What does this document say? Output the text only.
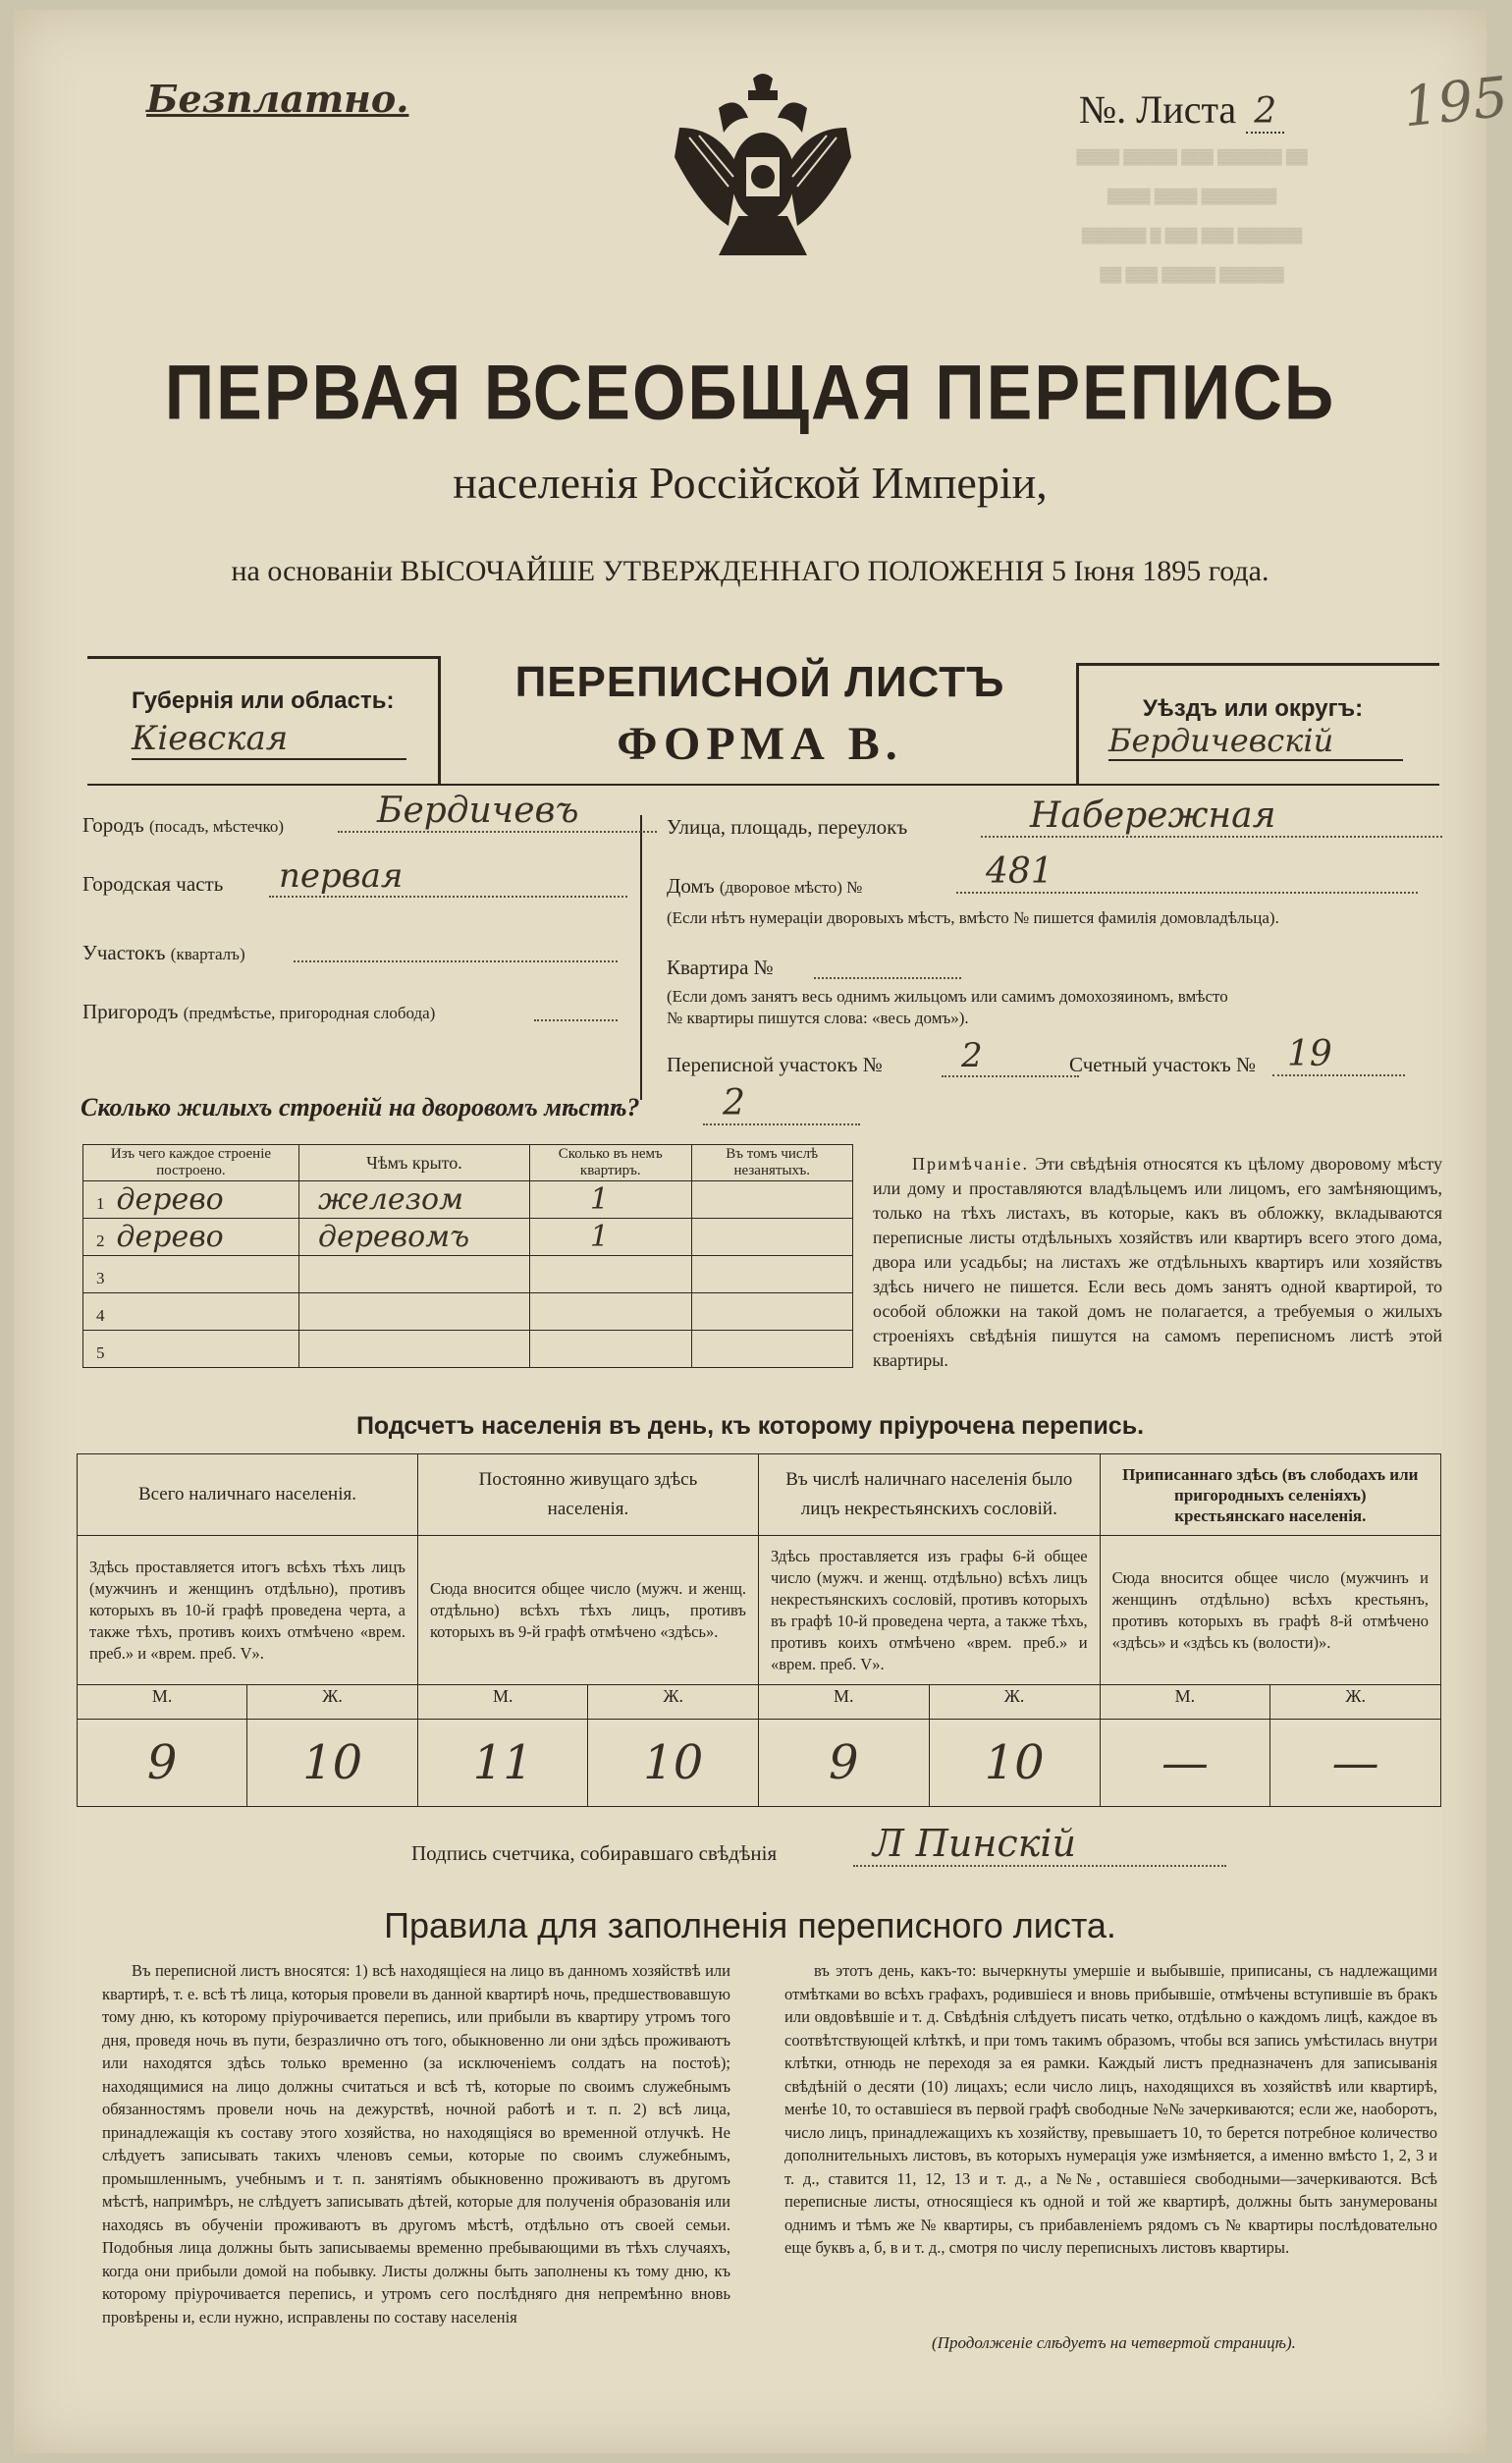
▓▓▓▓ ▓▓▓▓▓ ▓▓▓ ▓▓▓▓▓▓ ▓▓
▓▓▓▓ ▓▓▓▓ ▓▓▓▓▓▓▓
▓▓▓▓▓▓ ▓ ▓▓▓ ▓▓▓ ▓▓▓▓▓▓
▓▓ ▓▓▓ ▓▓▓▓▓ ▓▓▓▓▓▓
Безплатно.	№. Листа 2 195
ПЕРВАЯ ВСЕОБЩАЯ ПЕРЕПИСЬ
населенія Россійской Имперіи,
на основаніи ВЫСОЧАЙШЕ УТВЕРЖДЕННАГО ПОЛОЖЕНІЯ 5 Іюня 1895 года.
Губернія или область:
Кіевская
ПЕРЕПИСНОЙ ЛИСТЪ
ФОРМА В.
Уѣздъ или округъ:
Бердичевскій
Городъ (посадъ, мѣстечко)	Бердичевъ
Городская часть первая
Участокъ (кварталъ)
Пригородъ (предмѣстье, пригородная слобода)
Улица, площадь, переулокъ	Набережная
Домъ (дворовое мѣсто) №	481
(Если нѣтъ нумераціи дворовыхъ мѣстъ, вмѣсто № пишется фамилія домовладѣльца).
Квартира №
(Если домъ занятъ весь однимъ жильцомъ или самимъ домохозяиномъ, вмѣсто
№ квартиры пишутся слова: «весь домъ»).
Переписной участокъ №	2	Счетный участокъ № 19
Сколько жилыхъ строеній на дворовомъ мѣстѣ?	2
Изъ чего каждое строеніе построено.	Чѣмъ крыто.	Сколько въ немъ квартиръ.	Въ томъ числѣ незанятыхъ.
1 дерево	железом	1	
2 дерево	деревомъ	1	
3			
4			
5			
Примѣчаніе. Эти свѣдѣнія относятся къ цѣлому дворовому мѣсту или дому и проставляются владѣльцемъ или лицомъ, его замѣняющимъ, только на тѣхъ листахъ, въ которые, какъ въ обложку, вкладываются переписные листы отдѣльныхъ хозяйствъ или квартиръ всего этого дома, двора или усадьбы; на листахъ же отдѣльныхъ квартиръ или хозяйствъ здѣсь ничего не пишется. Если весь домъ занятъ одной квартирой, то особой обложки на такой домъ не полагается, а требуемыя о жилыхъ строеніяхъ свѣдѣнія пишутся на самомъ переписномъ листѣ этой квартиры.
Подсчетъ населенія въ день, къ которому пріурочена перепись.
Всего наличнаго населенія.		Постоянно живущаго здѣсь населенія.		Въ числѣ наличнаго населенія было лицъ некрестьянскихъ сословій.		Приписаннаго здѣсь (въ слободахъ или пригородныхъ селеніяхъ) крестьянскаго населенія.	
Здѣсь проставляется итогъ всѣхъ тѣхъ лицъ (мужчинъ и женщинъ отдѣльно), противъ которыхъ въ 10-й графѣ проведена черта, а также тѣхъ, противъ коихъ отмѣчено «врем. преб.» и «врем. преб. V».		Сюда вносится общее число (мужч. и женщ. отдѣльно) всѣхъ тѣхъ лицъ, противъ которыхъ въ 9-й графѣ отмѣчено «здѣсь».		Здѣсь проставляется изъ графы 6-й общее число (мужч. и женщ. отдѣльно) всѣхъ лицъ некрестьянскихъ сословій, противъ которыхъ въ графѣ 10-й проведена черта, а также тѣхъ, противъ коихъ отмѣчено «врем. преб.» и «врем. преб. V».		Сюда вносится общее число (мужчинъ и женщинъ отдѣльно) всѣхъ крестьянъ, противъ которыхъ въ графѣ 8-й отмѣчено «здѣсь» и «здѣсь къ (волости)».	
М.	Ж.	М.	Ж.	М.	Ж.	М.	Ж.
9	10	11	10	9	10	—	—
Подпись счетчика, собиравшаго свѣдѣнія	Л Пинскій
Правила для заполненія переписного листа.
Въ переписной листъ вносятся: 1) всѣ находящіеся на лицо въ данномъ хозяйствѣ или квартирѣ, т. е. всѣ тѣ лица, которыя провели въ данной квартирѣ ночь, предшествовавшую тому дню, къ которому пріурочивается перепись, или прибыли въ квартиру утромъ того дня, проведя ночь въ пути, безразлично отъ того, обыкновенно ли они здѣсь проживаютъ или находятся здѣсь только временно (за исключеніемъ солдатъ на постоѣ); находящимися на лицо должны считаться и всѣ тѣ, которые по своимъ служебнымъ обязанностямъ провели ночь на дежурствѣ, ночной работѣ и т. п. 2) всѣ лица, принадлежащія къ составу этого хозяйства, но находящіяся во временной отлучкѣ. Не слѣдуетъ записывать такихъ членовъ семьи, которые по своимъ служебнымъ, промышленнымъ, учебнымъ и т. п. занятіямъ обыкновенно проживаютъ въ другомъ мѣстѣ, напримѣръ, не слѣдуетъ записывать дѣтей, которые для полученія образованія или находясь въ обученіи проживаютъ въ другомъ мѣстѣ, отдѣльно отъ своей семьи. Подобныя лица должны быть записываемы временно пребывающими въ тѣхъ случаяхъ, когда они прибыли домой на побывку. Листы должны быть заполнены къ тому дню, къ которому пріурочивается перепись, и утромъ сего послѣдняго дня непремѣнно вновь провѣрены и, если нужно, исправлены по составу населенія
въ этотъ день, какъ-то: вычеркнуты умершіе и выбывшіе, приписаны, съ надлежащими отмѣтками во всѣхъ графахъ, родившіеся и вновь прибывшіе, отмѣчены вступившіе въ бракъ или овдовѣвшіе и т. д. Свѣдѣнія слѣдуетъ писать четко, отдѣльно о каждомъ лицѣ, каждое въ соотвѣтствующей клѣткѣ, и при томъ такимъ образомъ, чтобы вся запись умѣстилась внутри клѣтки, отнюдь не переходя за ея рамки. Каждый листъ предназначенъ для записыванія свѣдѣній о десяти (10) лицахъ; если число лицъ, находящихся въ хозяйствѣ или квартирѣ, менѣе 10, то оставшіеся въ первой графѣ свободные №№ зачеркиваются; если же, наоборотъ, число лицъ, принадлежащихъ къ хозяйству, превышаетъ 10, то берется потребное количество дополнительныхъ листовъ, въ которыхъ нумерація уже измѣняется, а именно вмѣсто 1, 2, 3 и т. д., ставится 11, 12, 13 и т. д., а №№, оставшіеся свободными—зачеркиваются. Всѣ переписные листы, относящіеся къ одной и той же квартирѣ, должны быть занумерованы однимъ и тѣмъ же № квартиры, съ прибавленіемъ рядомъ съ № квартиры послѣдовательно еще буквъ а, б, в и т. д., смотря по числу переписныхъ листовъ квартиры.
(Продолженіе слѣдуетъ на четвертой страницѣ).
